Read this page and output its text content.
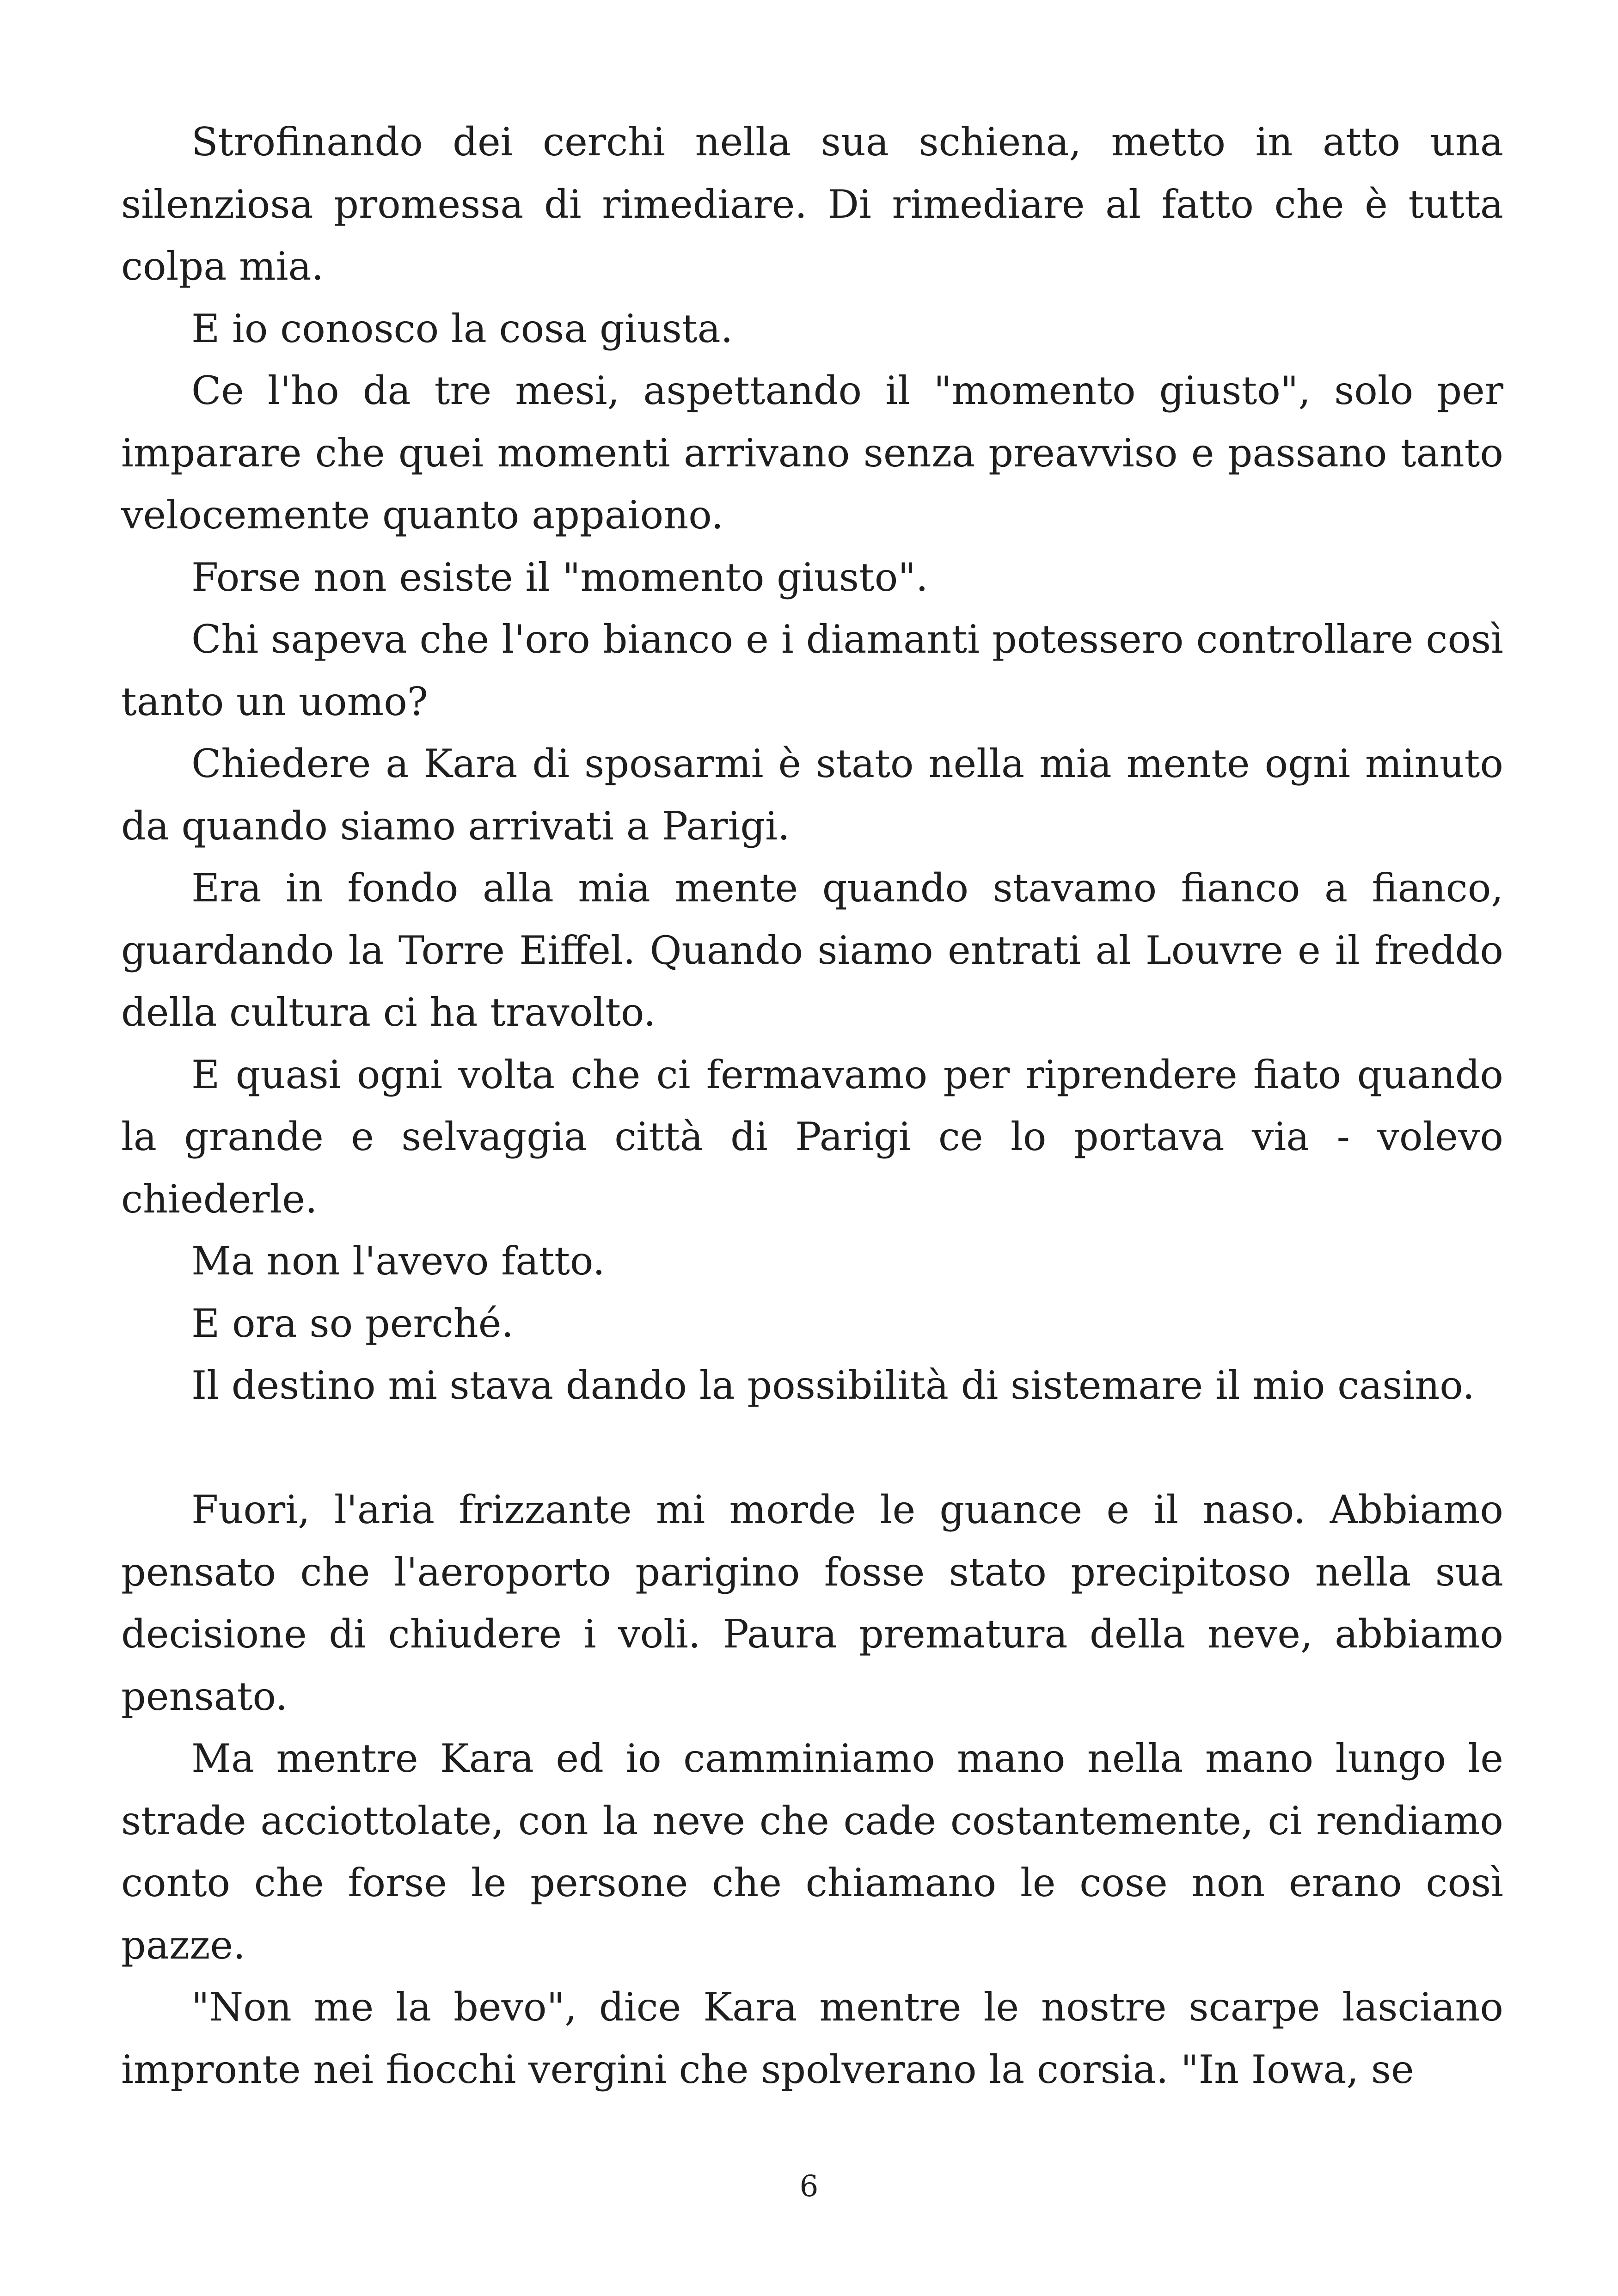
Strofinando dei cerchi nella sua schiena, metto in atto una silenziosa promessa di rimediare. Di rimediare al fatto che è tutta colpa mia.

E io conosco la cosa giusta.

Ce l'ho da tre mesi, aspettando il "momento giusto", solo per imparare che quei momenti arrivano senza preavviso e passano tanto velocemente quanto appaiono.

Forse non esiste il "momento giusto".

Chi sapeva che l'oro bianco e i diamanti potessero controllare così tanto un uomo?

Chiedere a Kara di sposarmi è stato nella mia mente ogni minuto da quando siamo arrivati a Parigi.

Era in fondo alla mia mente quando stavamo fianco a fianco, guardando la Torre Eiffel. Quando siamo entrati al Louvre e il freddo della cultura ci ha travolto.

E quasi ogni volta che ci fermavamo per riprendere fiato quando la grande e selvaggia città di Parigi ce lo portava via - volevo chiederle.

Ma non l'avevo fatto.

E ora so perché.

Il destino mi stava dando la possibilità di sistemare il mio casino.

Fuori, l'aria frizzante mi morde le guance e il naso. Abbiamo pensato che l'aeroporto parigino fosse stato precipitoso nella sua decisione di chiudere i voli. Paura prematura della neve, abbiamo pensato.

Ma mentre Kara ed io camminiamo mano nella mano lungo le strade acciottolate, con la neve che cade costantemente, ci rendiamo conto che forse le persone che chiamano le cose non erano così pazze.

"Non me la bevo", dice Kara mentre le nostre scarpe lasciano impronte nei fiocchi vergini che spolverano la corsia. "In Iowa, se

6
